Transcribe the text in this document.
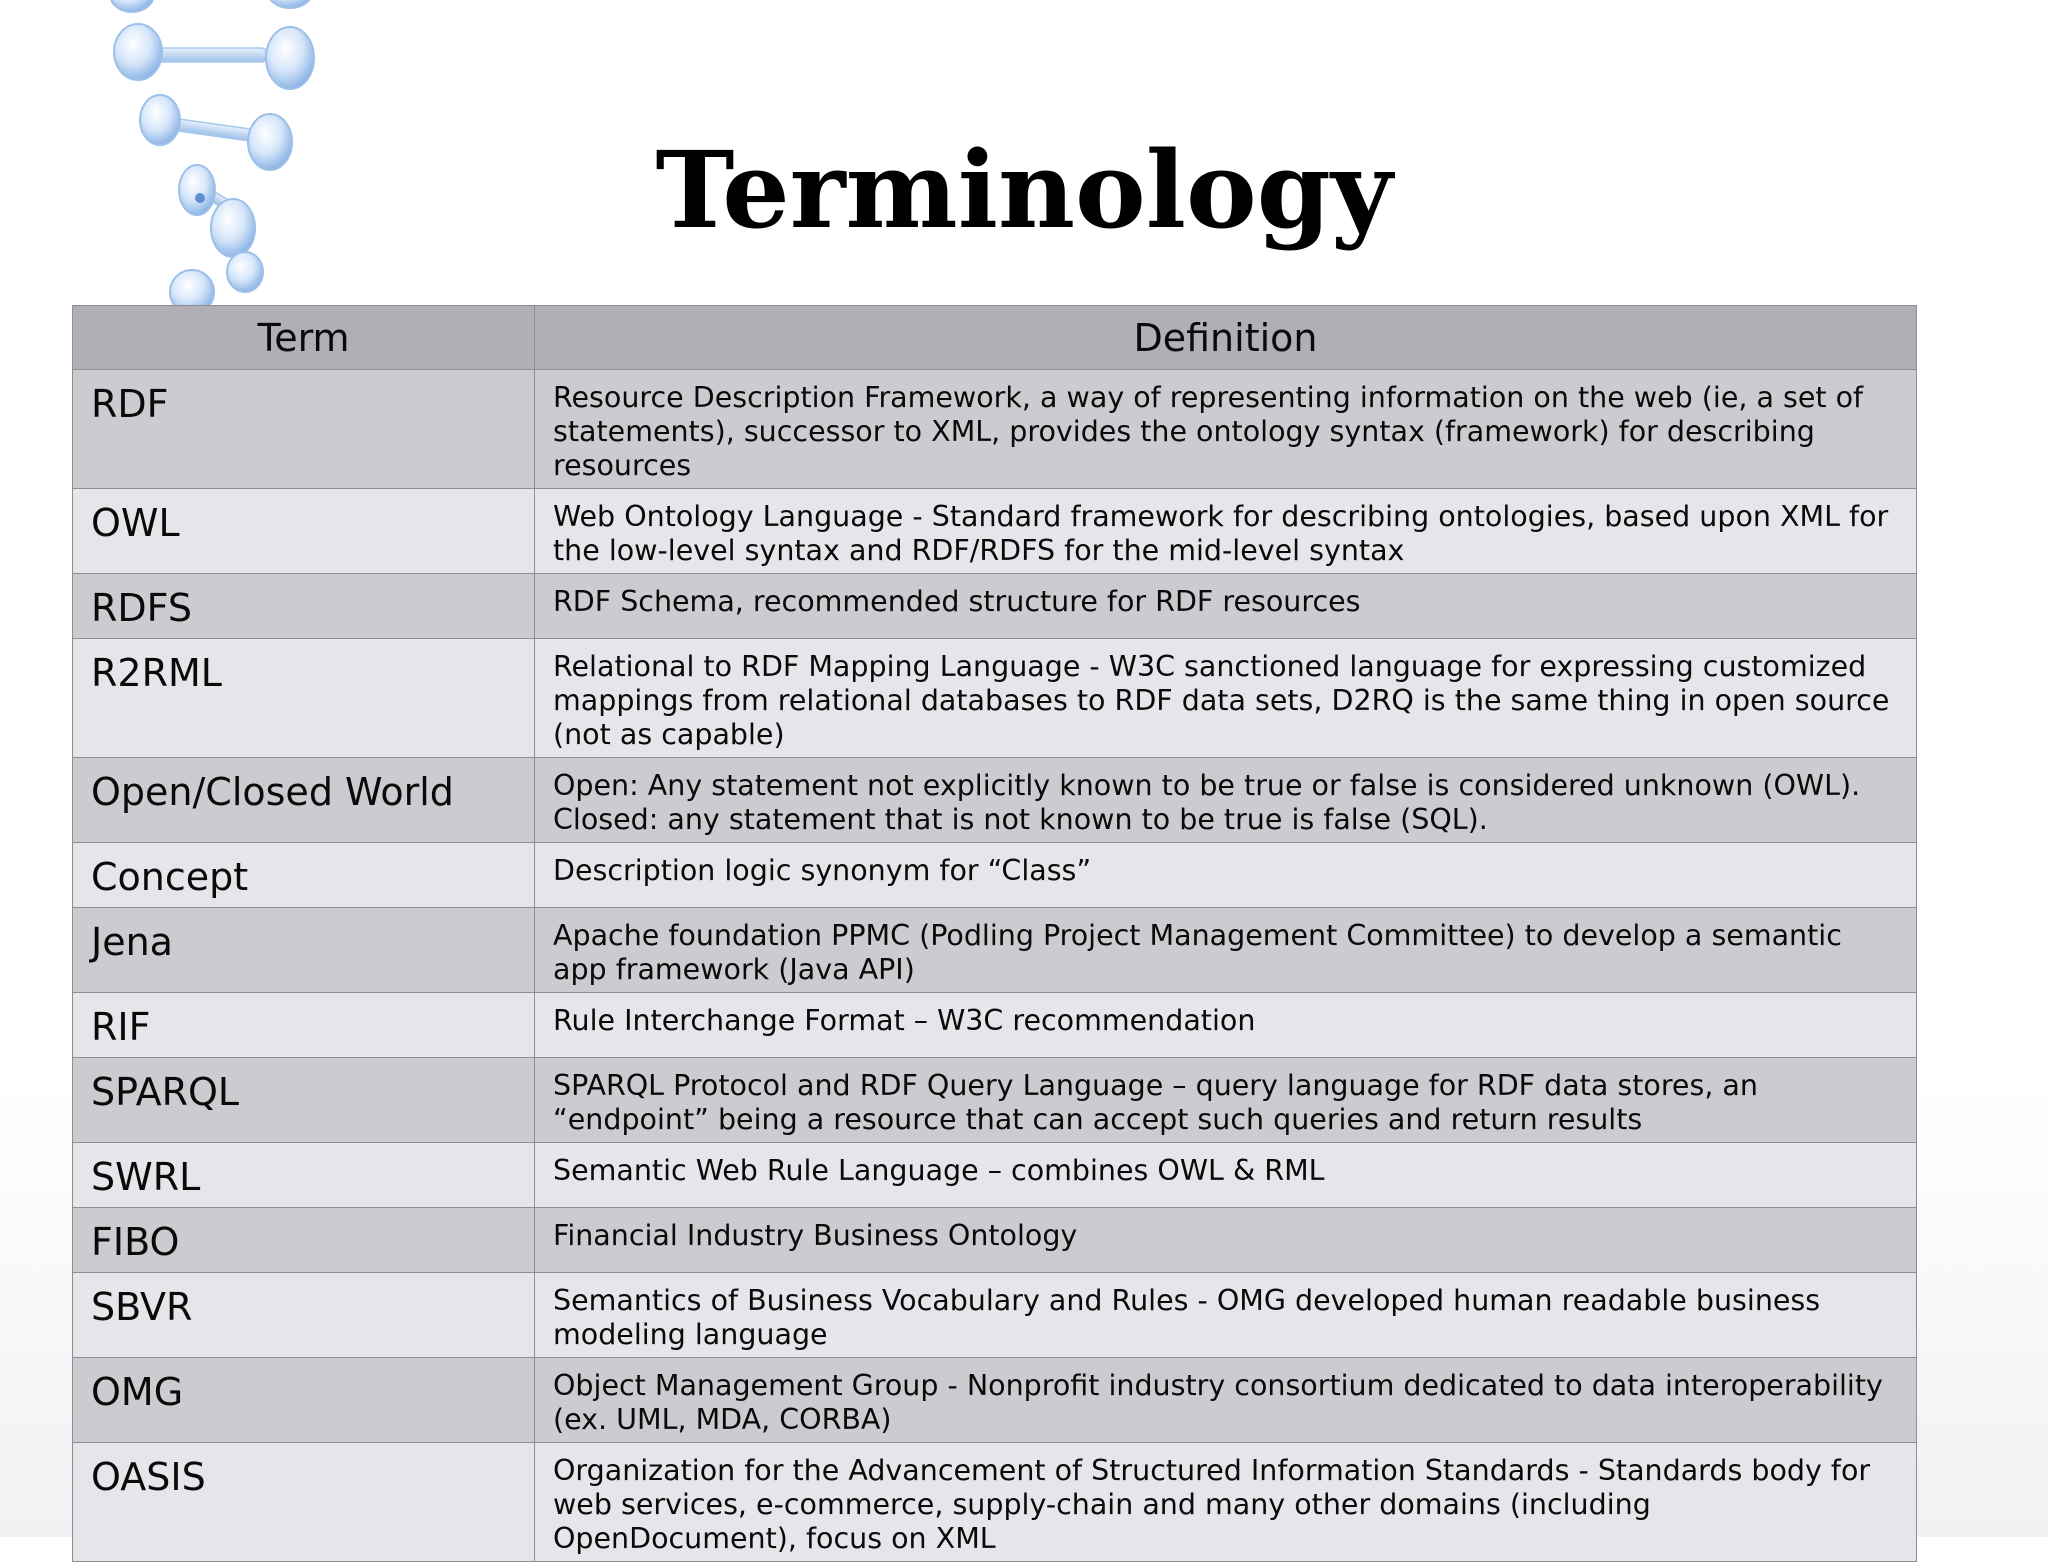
Terminology
Term	Definition
RDF	Resource Description Framework, a way of representing information on the web (ie, a set of statements), successor to XML, provides the ontology syntax (framework) for describing resources
OWL	Web Ontology Language - Standard framework for describing ontologies, based upon XML for the low-level syntax and RDF/RDFS for the mid-level syntax
RDFS	RDF Schema, recommended structure for RDF resources
R2RML	Relational to RDF Mapping Language - W3C sanctioned language for expressing customized mappings from relational databases to RDF data sets, D2RQ is the same thing in open source (not as capable)
Open/Closed World	Open: Any statement not explicitly known to be true or false is considered unknown (OWL). Closed: any statement that is not known to be true is false (SQL).
Concept	Description logic synonym for “Class”
Jena	Apache foundation PPMC (Podling Project Management Committee) to develop a semantic app framework (Java API)
RIF	Rule Interchange Format – W3C recommendation
SPARQL	SPARQL Protocol and RDF Query Language – query language for RDF data stores, an “endpoint” being a resource that can accept such queries and return results
SWRL	Semantic Web Rule Language – combines OWL & RML
FIBO	Financial Industry Business Ontology
SBVR	Semantics of Business Vocabulary and Rules - OMG developed human readable business modeling language
OMG	Object Management Group - Nonprofit industry consortium dedicated to data interoperability (ex. UML, MDA, CORBA)
OASIS	Organization for the Advancement of Structured Information Standards - Standards body for web services, e-commerce, supply-chain and many other domains (including OpenDocument), focus on XML
